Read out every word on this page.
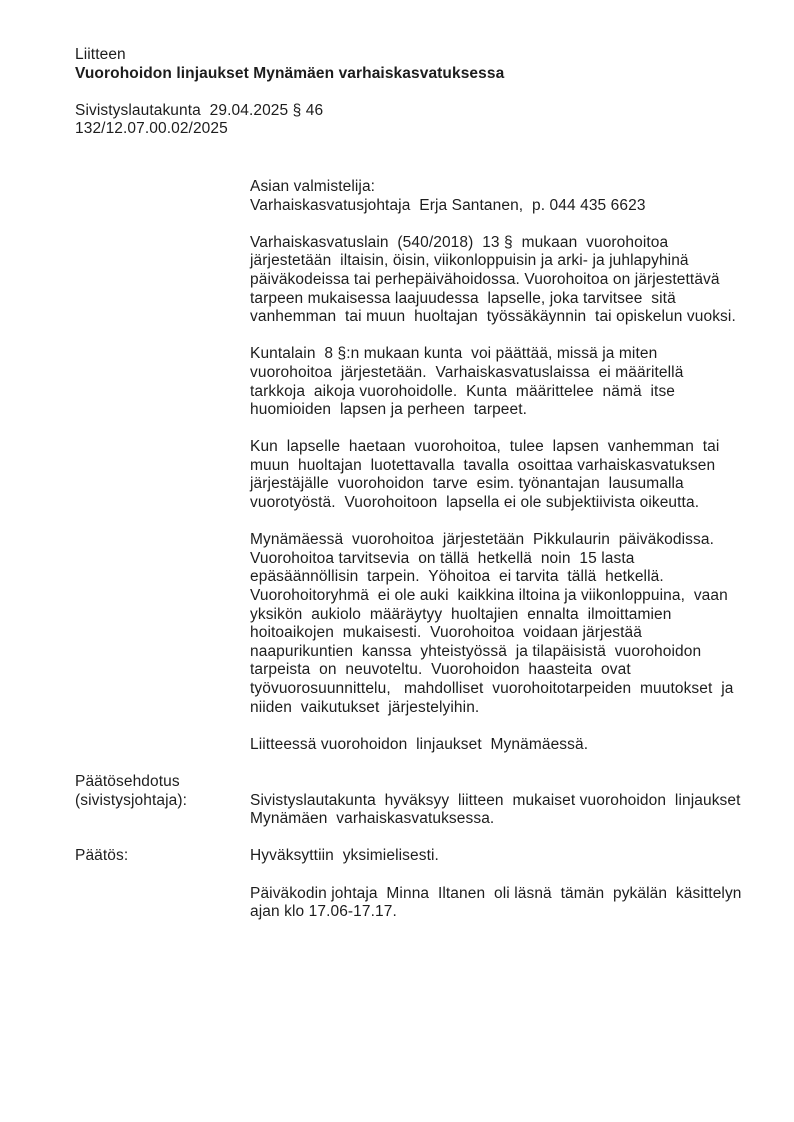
Liitteen
Vuorohoidon linjaukset Mynämäen varhaiskasvatuksessa
Sivistyslautakunta  29.04.2025 § 46
132/12.07.00.02/2025
Asian valmistelija:
Varhaiskasvatusjohtaja  Erja Santanen,  p. 044 435 6623
Varhaiskasvatuslain  (540/2018)  13 §  mukaan  vuorohoitoa
järjestetään  iltaisin, öisin, viikonloppuisin ja arki- ja juhlapyhinä
päiväkodeissa tai perhepäivähoidossa. Vuorohoitoa on järjestettävä
tarpeen mukaisessa laajuudessa  lapselle, joka tarvitsee  sitä
vanhemman  tai muun  huoltajan  työssäkäynnin  tai opiskelun vuoksi.
Kuntalain  8 §:n mukaan kunta  voi päättää, missä ja miten
vuorohoitoa  järjestetään.  Varhaiskasvatuslaissa  ei määritellä
tarkkoja  aikoja vuorohoidolle.  Kunta  määrittelee  nämä  itse
huomioiden  lapsen ja perheen  tarpeet.
Kun  lapselle  haetaan  vuorohoitoa,  tulee  lapsen  vanhemman  tai
muun  huoltajan  luotettavalla  tavalla  osoittaa varhaiskasvatuksen
järjestäjälle  vuorohoidon  tarve  esim. työnantajan  lausumalla
vuorotyöstä.  Vuorohoitoon  lapsella ei ole subjektiivista oikeutta.
Mynämäessä  vuorohoitoa  järjestetään  Pikkulaurin  päiväkodissa.
Vuorohoitoa tarvitsevia  on tällä  hetkellä  noin  15 lasta
epäsäännöllisin  tarpein.  Yöhoitoa  ei tarvita  tällä  hetkellä.
Vuorohoitoryhmä  ei ole auki  kaikkina iltoina ja viikonloppuina,  vaan
yksikön  aukiolo  määräytyy  huoltajien  ennalta  ilmoittamien
hoitoaikojen  mukaisesti.  Vuorohoitoa  voidaan järjestää
naapurikuntien  kanssa  yhteistyössä  ja tilapäisistä  vuorohoidon
tarpeista  on  neuvoteltu.  Vuorohoidon  haasteita  ovat
työvuorosuunnittelu,   mahdolliset  vuorohoitotarpeiden  muutokset  ja
niiden  vaikutukset  järjestelyihin.
Liitteessä vuorohoidon  linjaukset  Mynämäessä.
Päätösehdotus
(sivistysjohtaja):	Sivistyslautakunta  hyväksyy  liitteen  mukaiset vuorohoidon  linjaukset
Mynämäen  varhaiskasvatuksessa.
Päätös:	Hyväksyttiin  yksimielisesti.
Päiväkodin johtaja  Minna  Iltanen  oli läsnä  tämän  pykälän  käsittelyn
ajan klo 17.06-17.17.
